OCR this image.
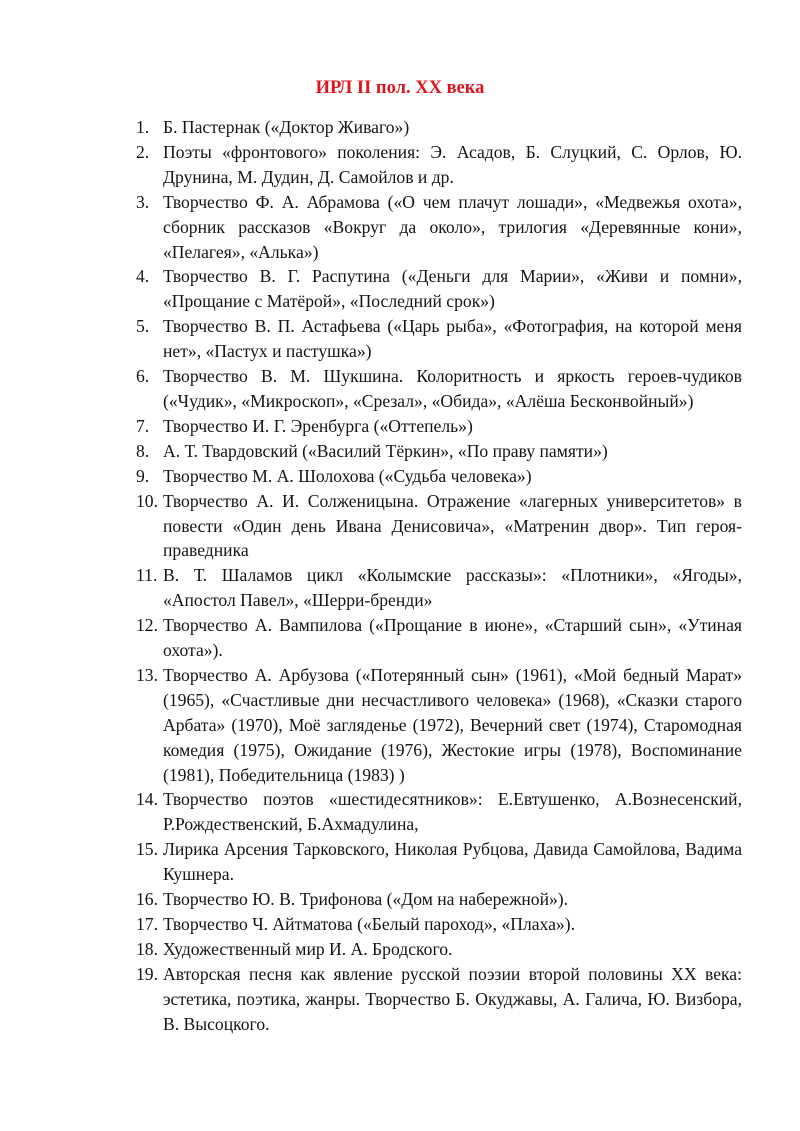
ИРЛ II пол. XX века
1. Б. Пастернак («Доктор Живаго»)
2. Поэты «фронтового» поколения: Э. Асадов, Б. Слуцкий, С. Орлов, Ю. Друнина, М. Дудин, Д. Самойлов и др.
3. Творчество Ф. А. Абрамова («О чем плачут лошади», «Медвежья охота», сборник рассказов «Вокруг да около», трилогия «Деревянные кони», «Пелагея», «Алька»)
4. Творчество В. Г. Распутина («Деньги для Марии», «Живи и помни», «Прощание с Матёрой», «Последний срок»)
5. Творчество В. П. Астафьева («Царь рыба», «Фотография, на которой меня нет», «Пастух и пастушка»)
6. Творчество В. М. Шукшина. Колоритность и яркость героев-чудиков («Чудик», «Микроскоп», «Срезал», «Обида», «Алёша Бесконвойный»)
7. Творчество И. Г. Эренбурга («Оттепель»)
8. А. Т. Твардовский («Василий Тёркин», «По праву памяти»)
9. Творчество М. А. Шолохова («Судьба человека»)
10. Творчество А. И. Солженицына. Отражение «лагерных университетов» в повести «Один день Ивана Денисовича», «Матренин двор». Тип героя-праведника
11. В. Т. Шаламов цикл «Колымские рассказы»: «Плотники», «Ягоды», «Апостол Павел», «Шерри-бренди»
12. Творчество А. Вампилова («Прощание в июне», «Старший сын», «Утиная охота»).
13. Творчество А. Арбузова («Потерянный сын» (1961), «Мой бедный Марат» (1965), «Счастливые дни несчастливого человека» (1968), «Сказки старого Арбата» (1970), Моё загляденье (1972), Вечерний свет (1974), Старомодная комедия (1975), Ожидание (1976), Жестокие игры (1978), Воспоминание (1981), Победительница (1983) )
14. Творчество поэтов «шестидесятников»: Е.Евтушенко, А.Вознесенский, Р.Рождественский, Б.Ахмадулина,
15. Лирика Арсения Тарковского, Николая Рубцова, Давида Самойлова, Вадима Кушнера.
16. Творчество Ю. В. Трифонова («Дом на набережной»).
17. Творчество Ч. Айтматова («Белый пароход», «Плаха»).
18. Художественный мир И. А. Бродского.
19. Авторская песня как явление русской поэзии второй половины XX века: эстетика, поэтика, жанры. Творчество Б. Окуджавы, А. Галича, Ю. Визбора, В. Высоцкого.
